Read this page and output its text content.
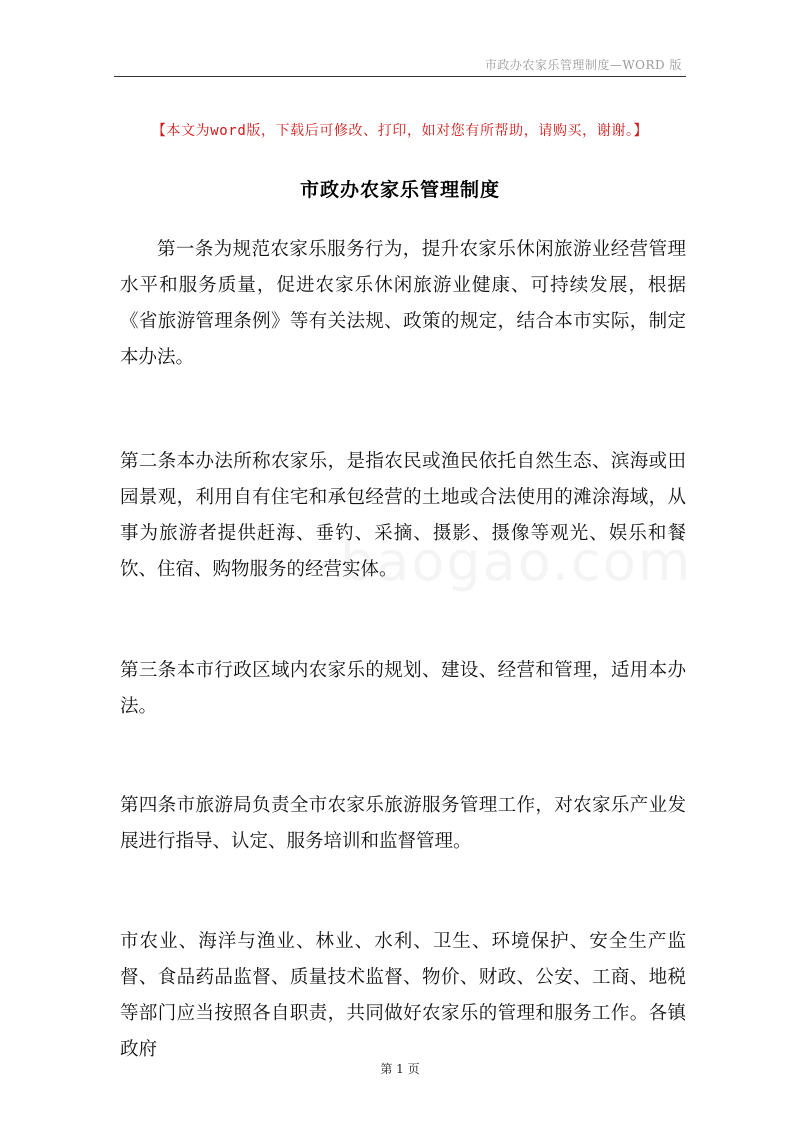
市政办农家乐管理制度—WORD 版
【本文为word版，下载后可修改、打印，如对您有所帮助，请购买，谢谢。】
市政办农家乐管理制度

第一条为规范农家乐服务行为，提升农家乐休闲旅游业经营管理水平和服务质量，促进农家乐休闲旅游业健康、可持续发展，根据《省旅游管理条例》等有关法规、政策的规定，结合本市实际，制定本办法。

第二条本办法所称农家乐，是指农民或渔民依托自然生态、滨海或田园景观，利用自有住宅和承包经营的土地或合法使用的滩涂海域，从事为旅游者提供赶海、垂钓、采摘、摄影、摄像等观光、娱乐和餐饮、住宿、购物服务的经营实体。

第三条本市行政区域内农家乐的规划、建设、经营和管理，适用本办法。

第四条市旅游局负责全市农家乐旅游服务管理工作，对农家乐产业发展进行指导、认定、服务培训和监督管理。

市农业、海洋与渔业、林业、水利、卫生、环境保护、安全生产监督、食品药品监督、质量技术监督、物价、财政、公安、工商、地税等部门应当按照各自职责，共同做好农家乐的管理和服务工作。各镇政府

第 1 页
